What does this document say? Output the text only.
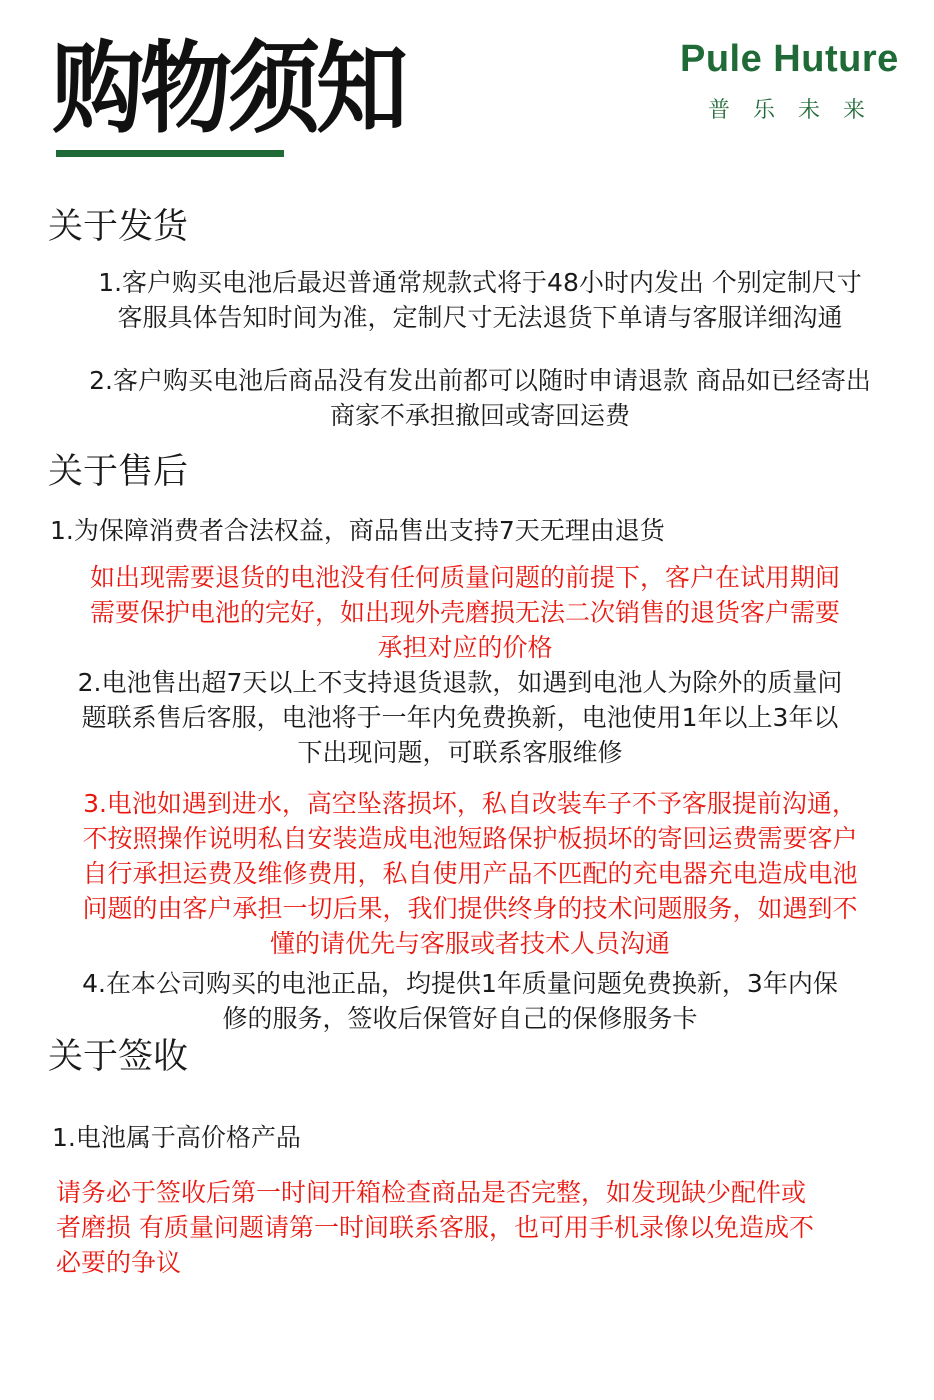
购物须知	Pule Huture
普乐未来
关于发货
1.客户购买电池后最迟普通常规款式将于48小时内发出 个别定制尺寸
客服具体告知时间为准，定制尺寸无法退货下单请与客服详细沟通
2.客户购买电池后商品没有发出前都可以随时申请退款 商品如已经寄出
商家不承担撤回或寄回运费
关于售后
1.为保障消费者合法权益，商品售出支持7天无理由退货
如出现需要退货的电池没有任何质量问题的前提下，客户在试用期间
需要保护电池的完好，如出现外壳磨损无法二次销售的退货客户需要
承担对应的价格
2.电池售出超7天以上不支持退货退款，如遇到电池人为除外的质量问
题联系售后客服，电池将于一年内免费换新，电池使用1年以上3年以
下出现问题，可联系客服维修
3.电池如遇到进水，高空坠落损坏，私自改装车子不予客服提前沟通，
不按照操作说明私自安装造成电池短路保护板损坏的寄回运费需要客户
自行承担运费及维修费用，私自使用产品不匹配的充电器充电造成电池
问题的由客户承担一切后果，我们提供终身的技术问题服务，如遇到不
懂的请优先与客服或者技术人员沟通
4.在本公司购买的电池正品，均提供1年质量问题免费换新，3年内保
修的服务，签收后保管好自己的保修服务卡
关于签收
1.电池属于高价格产品
请务必于签收后第一时间开箱检查商品是否完整，如发现缺少配件或
者磨损 有质量问题请第一时间联系客服，也可用手机录像以免造成不
必要的争议
